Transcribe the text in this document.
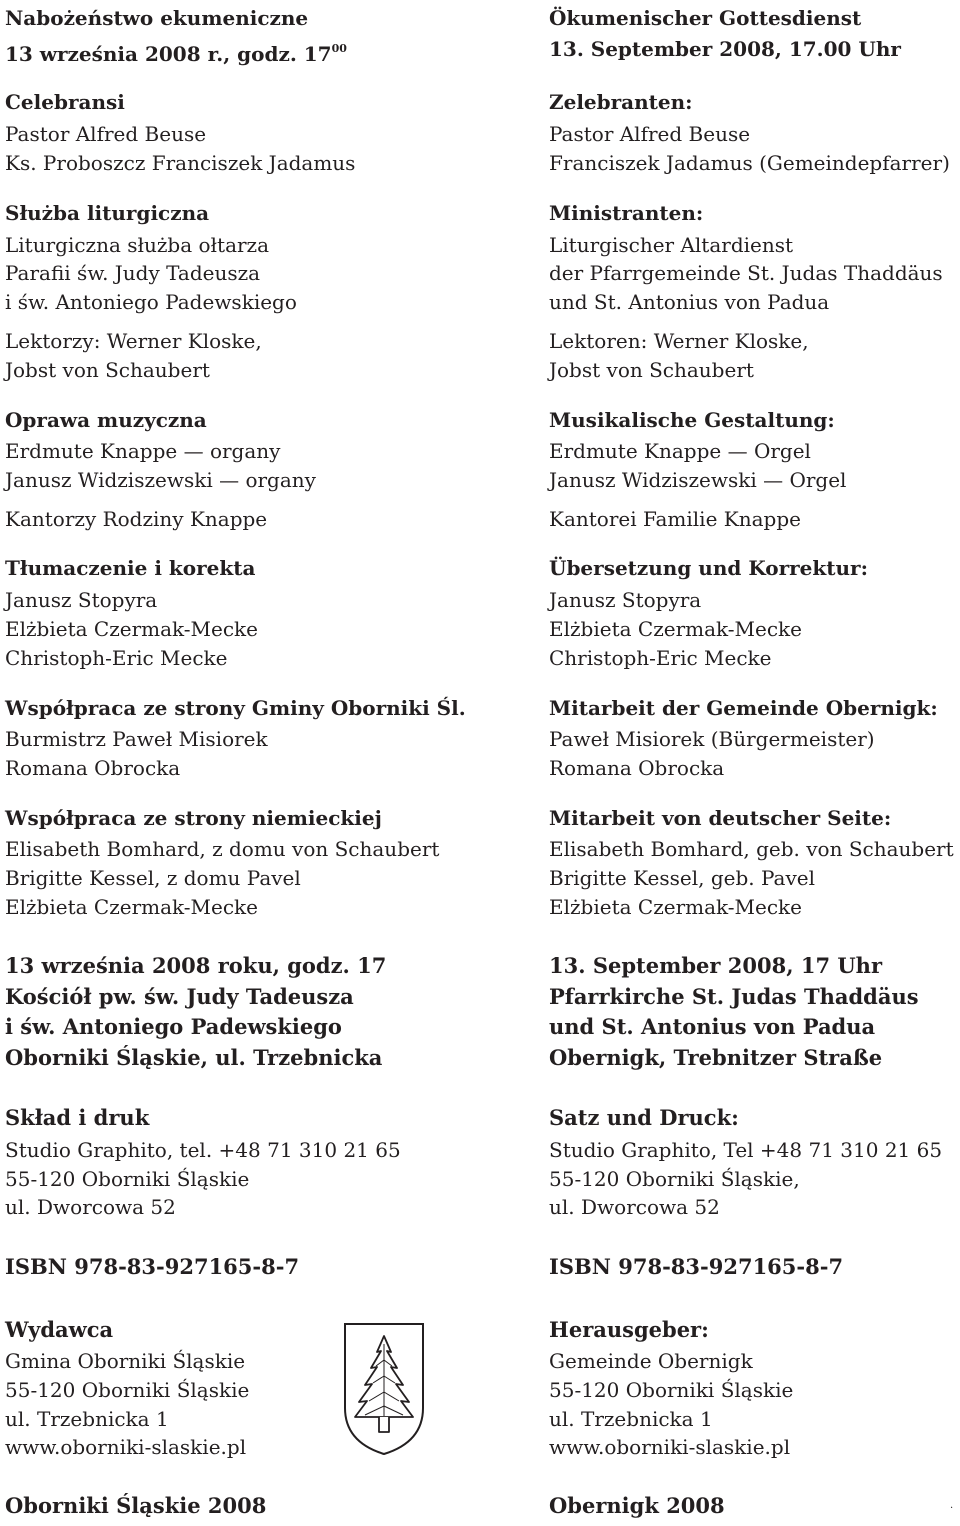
Nabożeństwo ekumeniczne
13 września 2008 r., godz. $17^{00}$
Celebransi
Pastor Alfred Beuse
Ks. Proboszcz Franciszek Jadamus
Służba liturgiczna
Liturgiczna służba ołtarza
Parafii św. Judy Tadeusza
i św. Antoniego Padewskiego
Lektorzy: Werner Kloske,
Jobst von Schaubert
Oprawa muzyczna
Erdmute Knappe — organy
Janusz Widziszewski — organy
Kantorzy Rodziny Knappe
Tłumaczenie i korekta
Janusz Stopyra
Elżbieta Czermak-Mecke
Christoph-Eric Mecke
Współpraca ze strony Gminy Oborniki Śl.
Burmistrz Paweł Misiorek
Romana Obrocka
Współpraca ze strony niemieckiej
Elisabeth Bomhard, z domu von Schaubert
Brigitte Kessel, z domu Pavel
Elżbieta Czermak-Mecke
13 września 2008 roku, godz. 17
Kościół pw. św. Judy Tadeusza
i św. Antoniego Padewskiego
Oborniki Śląskie, ul. Trzebnicka
Skład i druk
Studio Graphito, tel. +48 71 310 21 65
55-120 Oborniki Śląskie
ul. Dworcowa 52
ISBN 978-83-927165-8-7
Wydawca
Gmina Oborniki Śląskie
55-120 Oborniki Śląskie
ul. Trzebnicka 1
www.oborniki-slaskie.pl
Oborniki Śląskie 2008
Ökumenischer Gottesdienst
13. September 2008, 17.00 Uhr
Zelebranten:
Pastor Alfred Beuse
Franciszek Jadamus (Gemeindepfarrer)
Ministranten:
Liturgischer Altardienst
der Pfarrgemeinde St. Judas Thaddäus
und St. Antonius von Padua
Lektoren: Werner Kloske,
Jobst von Schaubert
Musikalische Gestaltung:
Erdmute Knappe — Orgel
Janusz Widziszewski — Orgel
Kantorei Familie Knappe
Übersetzung und Korrektur:
Janusz Stopyra
Elżbieta Czermak-Mecke
Christoph-Eric Mecke
Mitarbeit der Gemeinde Obernigk:
Paweł Misiorek (Bürgermeister)
Romana Obrocka
Mitarbeit von deutscher Seite:
Elisabeth Bomhard, geb. von Schaubert
Brigitte Kessel, geb. Pavel
Elżbieta Czermak-Mecke
13. September 2008, 17 Uhr
Pfarrkirche St. Judas Thaddäus
und St. Antonius von Padua
Obernigk, Trebnitzer Straße
Satz und Druck:
Studio Graphito, Tel +48 71 310 21 65
55-120 Oborniki Śląskie,
ul. Dworcowa 52
ISBN 978-83-927165-8-7
Herausgeber:
Gemeinde Obernigk
55-120 Oborniki Śląskie
ul. Trzebnicka 1
www.oborniki-slaskie.pl
Obernigk 2008	.
